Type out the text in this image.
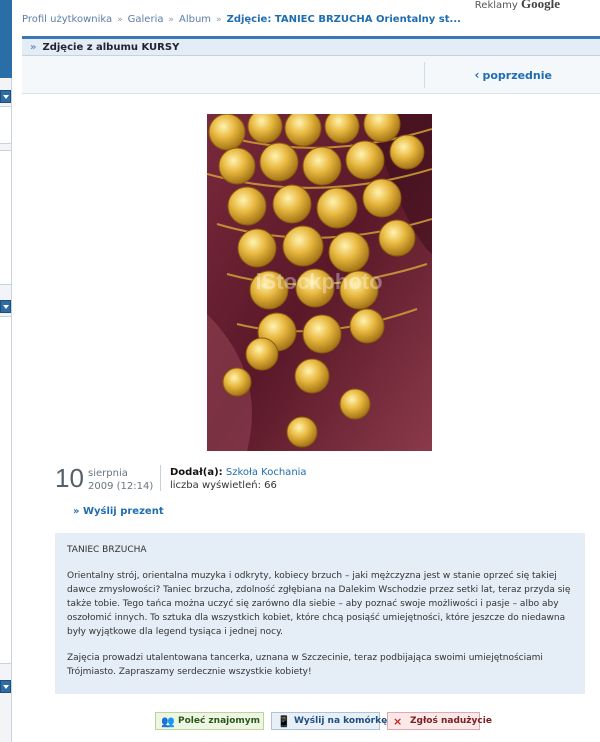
Profil użytkownika » Galeria » Album » Zdjęcie: TANIEC BRZUCHA Orientalny st...
Reklamy Google
» Zdjęcie z albumu KURSY
‹ poprzednie
iStockphoto
10 sierpnia
2009 (12:14)
Dodał(a): Szkoła Kochania
liczba wyświetleń: 66
» Wyślij prezent

TANIEC BRZUCHA

Orientalny strój, orientalna muzyka i odkryty, kobiecy brzuch – jaki mężczyzna jest w stanie oprzeć się takiej dawce zmysłowości? Taniec brzucha, zdolność zgłębiana na Dalekim Wschodzie przez setki lat, teraz przyda się także tobie. Tego tańca można uczyć się zarówno dla siebie – aby poznać swoje możliwości i pasje – albo aby oszołomić innych. To sztuka dla wszystkich kobiet, które chcą posiąść umiejętności, które jeszcze do niedawna były wyjątkowe dla legend tysiąca i jednej nocy.

Zajęcia prowadzi utalentowana tancerka, uznana w Szczecinie, teraz podbijająca swoimi umiejętnościami Trójmiasto. Zapraszamy serdecznie wszystkie kobiety!

👥 Poleć znajomym	📱 Wyślij na komórkę × Zgłoś nadużycie
